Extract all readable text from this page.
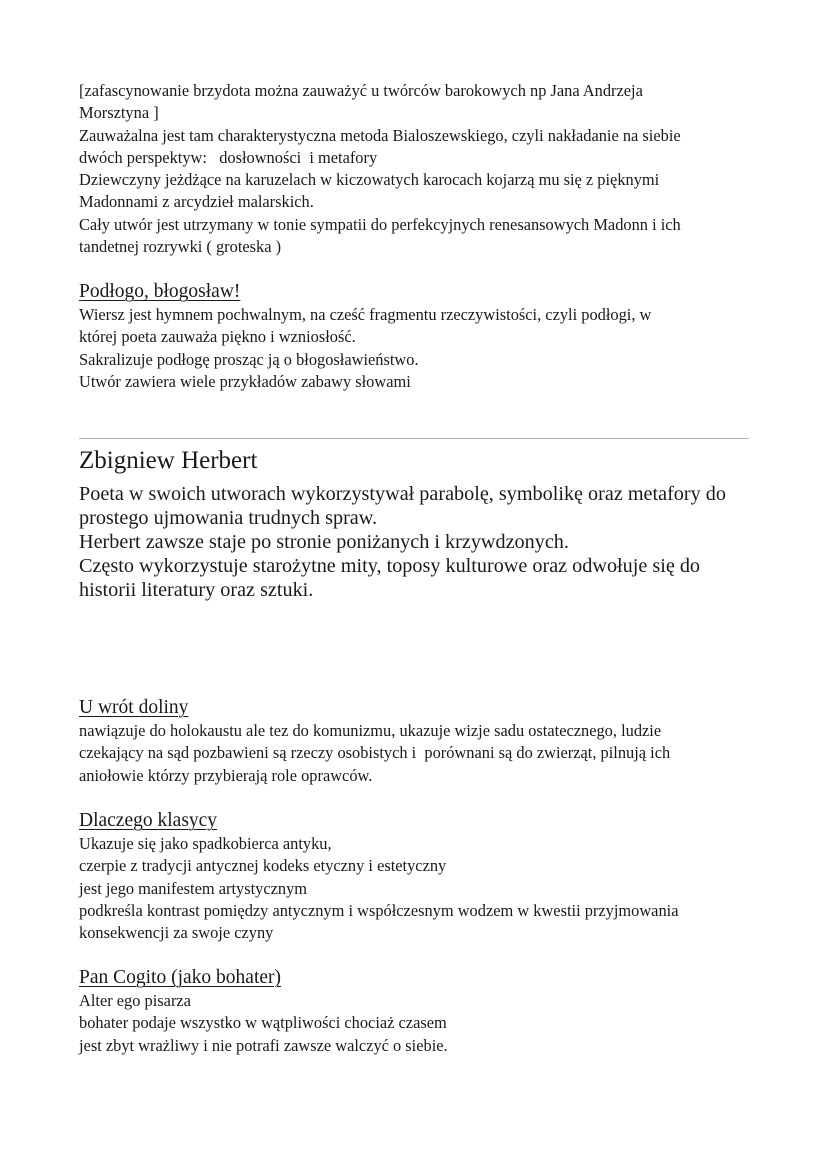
[zafascynowanie brzydota można zauważyć u twórców barokowych np Jana Andrzeja

Morsztyna ]

Zauważalna jest tam charakterystyczna metoda Bialoszewskiego, czyli nakładanie na siebie

dwóch perspektyw:   dosłowności  i metafory

Dziewczyny jeżdżące na karuzelach w kiczowatych karocach kojarzą mu się z pięknymi

Madonnami z arcydzieł malarskich.

Cały utwór jest utrzymany w tonie sympatii do perfekcyjnych renesansowych Madonn i ich

tandetnej rozrywki ( groteska )

Podłogo, błogosław!

Wiersz jest hymnem pochwalnym, na cześć fragmentu rzeczywistości, czyli podłogi, w

której poeta zauważa piękno i wzniosłość.

Sakralizuje podłogę prosząc ją o błogosławieństwo.

Utwór zawiera wiele przykładów zabawy słowami

Zbigniew Herbert

Poeta w swoich utworach wykorzystywał parabolę, symbolikę oraz metafory do

prostego ujmowania trudnych spraw.

Herbert zawsze staje po stronie poniżanych i krzywdzonych.

Często wykorzystuje starożytne mity, toposy kulturowe oraz odwołuje się do

historii literatury oraz sztuki.

U wrót doliny

nawiązuje do holokaustu ale tez do komunizmu, ukazuje wizje sadu ostatecznego, ludzie

czekający na sąd pozbawieni są rzeczy osobistych i  porównani są do zwierząt, pilnują ich

aniołowie którzy przybierają role oprawców.

Dlaczego klasycy

Ukazuje się jako spadkobierca antyku,

czerpie z tradycji antycznej kodeks etyczny i estetyczny

jest jego manifestem artystycznym

podkreśla kontrast pomiędzy antycznym i współczesnym wodzem w kwestii przyjmowania

konsekwencji za swoje czyny

Pan Cogito (jako bohater)

Alter ego pisarza

bohater podaje wszystko w wątpliwości chociaż czasem

jest zbyt wrażliwy i nie potrafi zawsze walczyć o siebie.
